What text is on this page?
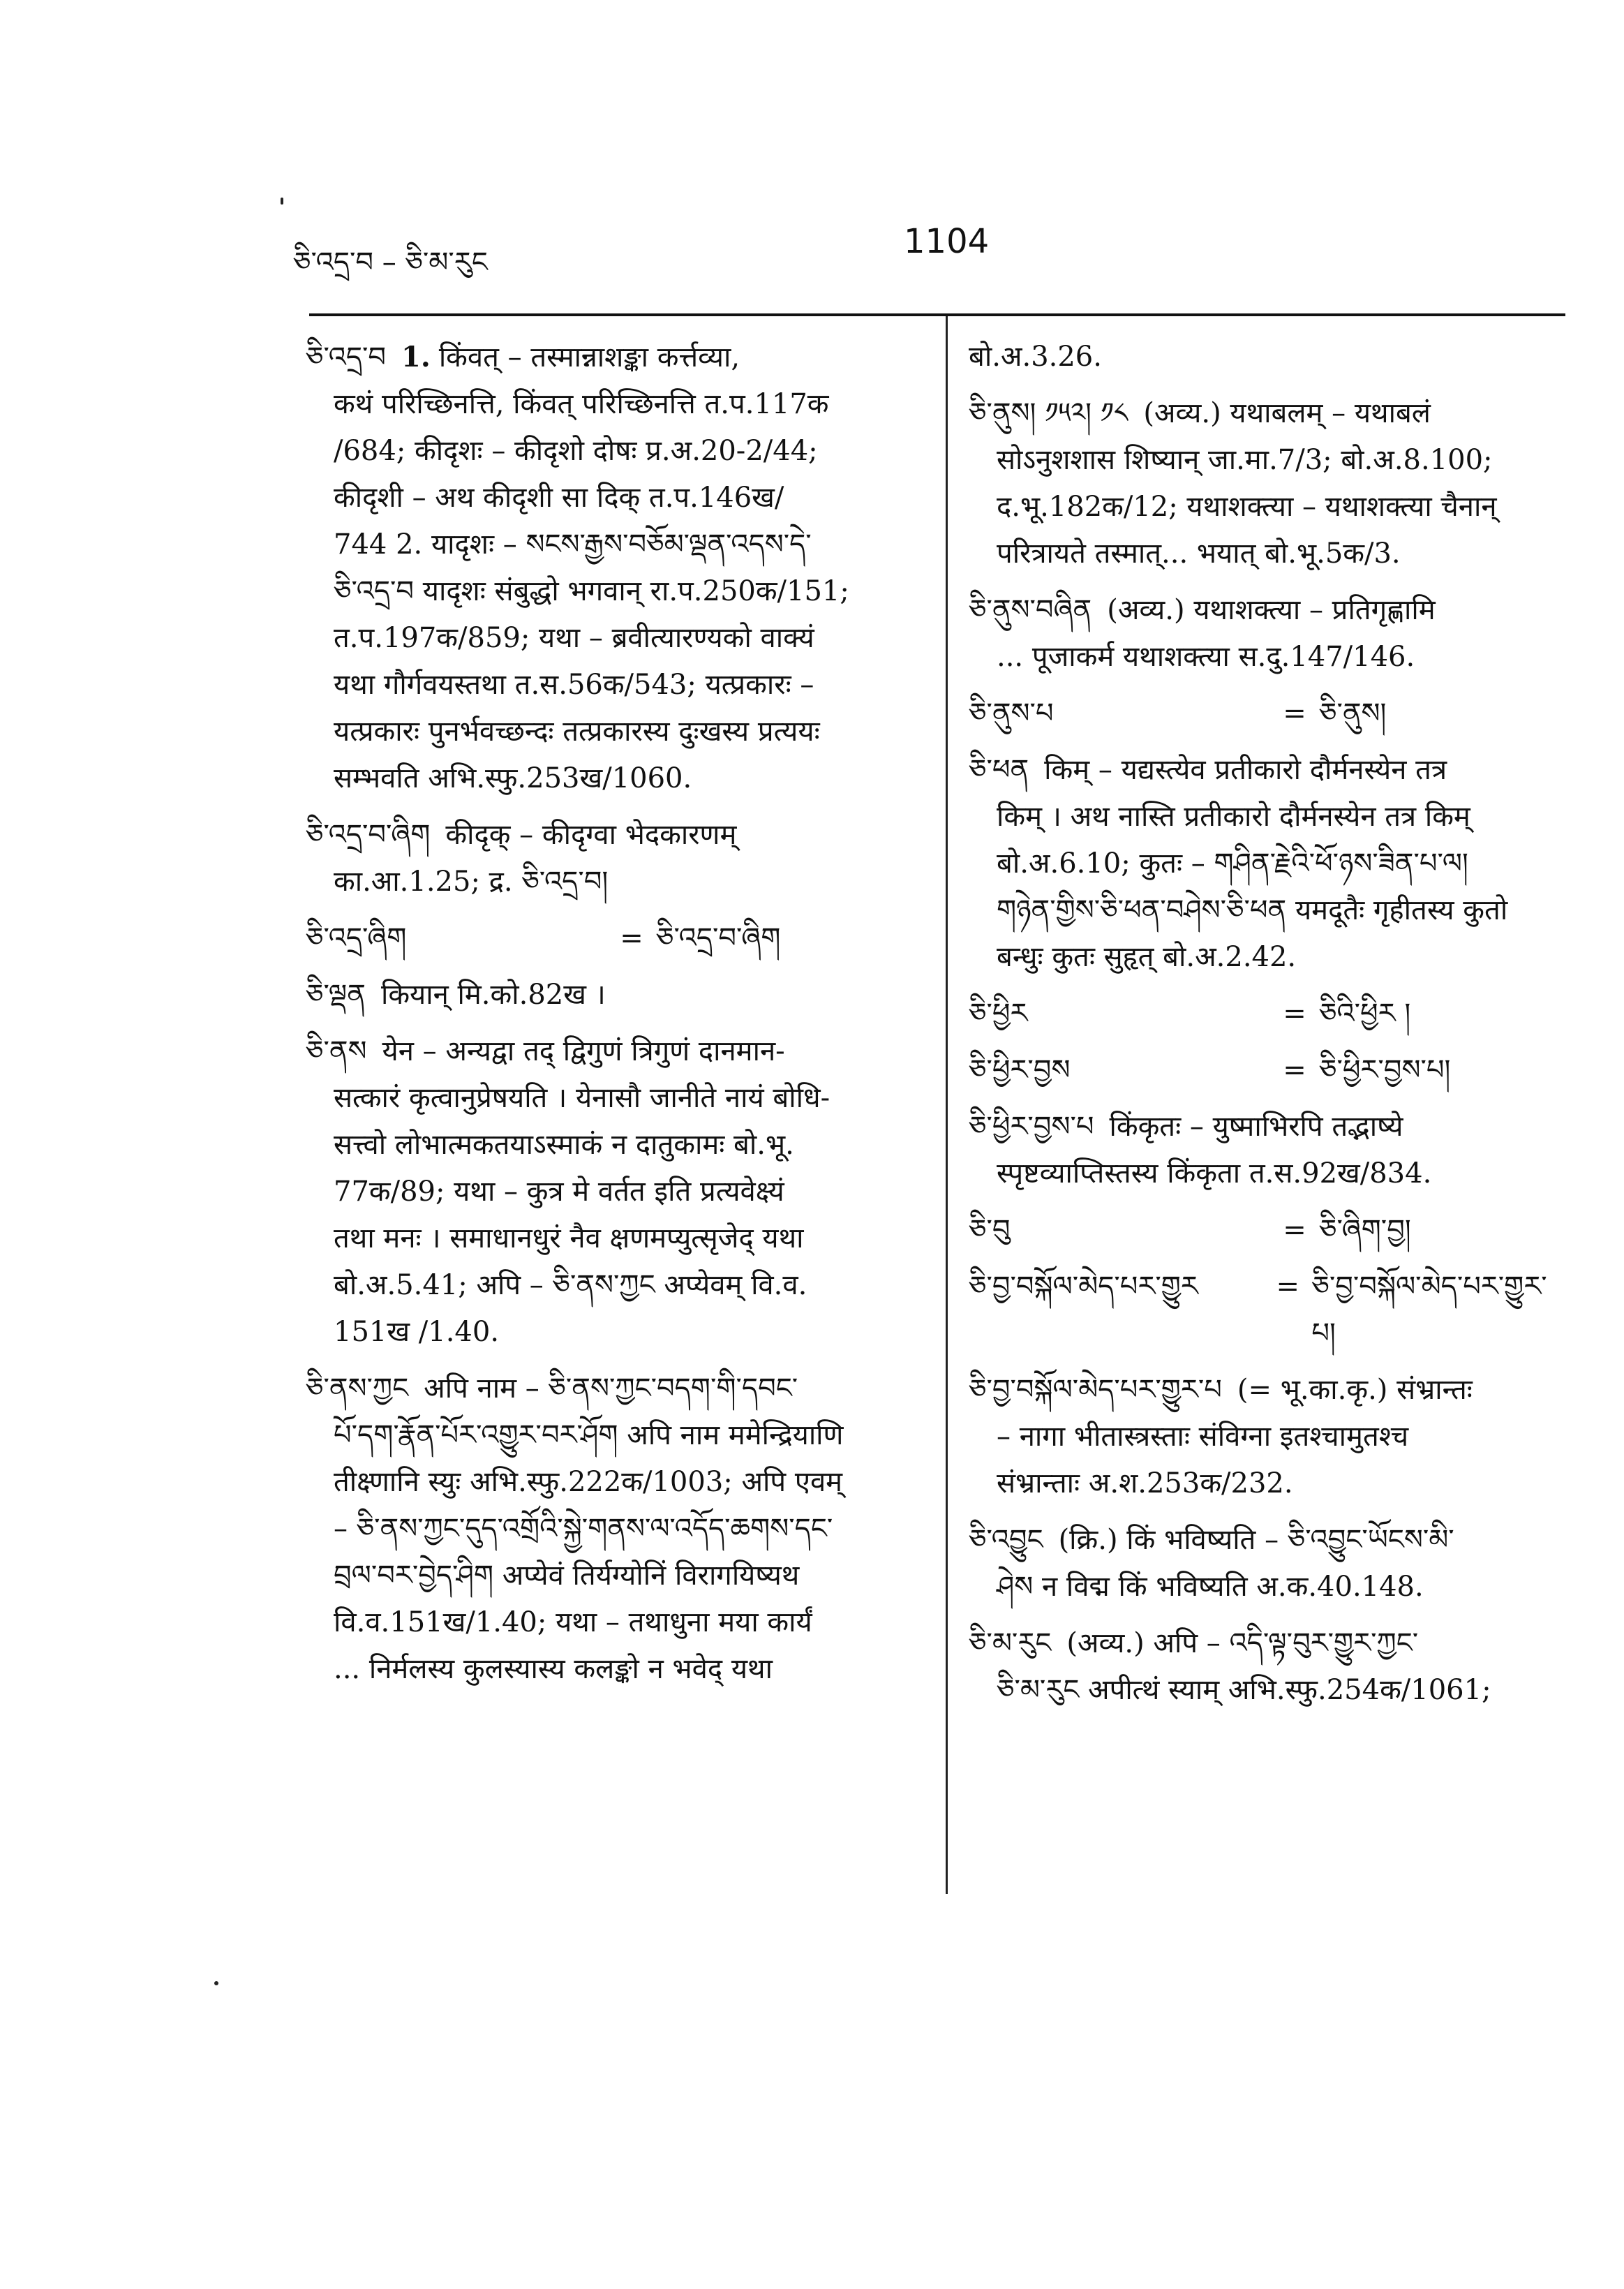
ཅི་འདྲ་བ – ཅི་མ་རུང
1104
ཅི་འདྲ་བ 1. किंवत् – तस्मान्नाशङ्का कर्त्तव्या,
कथं परिच्छिनत्ति, किंवत् परिच्छिनत्ति त.प.117क
/684; कीदृशः – कीदृशो दोषः प्र.अ.20-2/44;
कीदृशी – अथ कीदृशी सा दिक् त.प.146ख/
744 2. यादृशः – སངས་རྒྱས་བཅོམ་ལྡན་འདས་དེ་
ཅི་འདྲ་བ यादृशः संबुद्धो भगवान् रा.प.250क/151;
त.प.197क/859; यथा – ब्रवीत्यारण्यको वाक्यं
यथा गौर्गवयस्तथा त.स.56क/543; यत्प्रकारः –
यत्प्रकारः पुनर्भवच्छन्दः तत्प्रकारस्य दुःखस्य प्रत्ययः
सम्भवति अभि.स्फु.253ख/1060.
ཅི་འདྲ་བ་ཞིག कीदृक् – कीदृग्वा भेदकारणम्
का.आ.1.25; द्र. ཅི་འདྲ་བ།
ཅི་འདྲ་ཞིག	= ཅི་འདྲ་བ་ཞིག
ཅི་ལྡན कियान् मि.को.82ख ।
ཅི་ནས येन – अन्यद्वा तद् द्विगुणं त्रिगुणं दानमान-
सत्कारं कृत्वानुप्रेषयति । येनासौ जानीते नायं बोधि-
सत्त्वो लोभात्मकतयाऽस्माकं न दातुकामः बो.भू.
77क/89; यथा – कुत्र मे वर्तत इति प्रत्यवेक्ष्यं
तथा मनः । समाधानधुरं नैव क्षणमप्युत्सृजेद् यथा
बो.अ.5.41; अपि – ཅི་ནས་ཀྱང अप्येवम् वि.व.
151ख /1.40.
ཅི་ནས་ཀྱང अपि नाम – ཅི་ནས་ཀྱང་བདག་གི་དབང་
པོ་དག་རྣོན་པོར་འགྱུར་བར་ཤོག अपि नाम ममेन्द्रियाणि
तीक्ष्णानि स्युः अभि.स्फु.222क/1003; अपि एवम्
– ཅི་ནས་ཀྱང་དུད་འགྲོའི་སྐྱེ་གནས་ལ་འདོད་ཆགས་དང་
བྲལ་བར་བྱེད་ཤིག अप्येवं तिर्यग्योनिं विरागयिष्यथ
वि.व.151ख/1.40; यथा – तथाधुना मया कार्यं
... निर्मलस्य कुलस्यास्य कलङ्को न भवेद् यथा
बो.अ.3.26.
ཅི་ནུས། ༡༥༢། ༡༨ (अव्य.) यथाबलम् – यथाबलं
सोऽनुशशास शिष्यान् जा.मा.7/3; बो.अ.8.100;
द.भू.182क/12; यथाशक्त्या – यथाशक्त्या चैनान्
परित्रायते तस्मात्... भयात् बो.भू.5क/3.
ཅི་ནུས་བཞིན (अव्य.) यथाशक्त्या – प्रतिगृह्णामि
... पूजाकर्म यथाशक्त्या स.दु.147/146.
ཅི་ནུས་པ	= ཅི་ནུས།
ཅི་ཕན किम् – यद्यस्त्येव प्रतीकारो दौर्मनस्येन तत्र
किम् । अथ नास्ति प्रतीकारो दौर्मनस्येन तत्र किम्
बो.अ.6.10; कुतः – གཤིན་རྗེའི་ཕོ་ཉས་ཟིན་པ་ལ།
གཉེན་གྱིས་ཅི་ཕན་བཤེས་ཅི་ཕན यमदूतैः गृहीतस्य कुतो
बन्धुः कुतः सुहृत् बो.अ.2.42.
ཅི་ཕྱིར	= ཅིའི་ཕྱིར །
ཅི་ཕྱིར་བྱས	= ཅི་ཕྱིར་བྱས་པ།
ཅི་ཕྱིར་བྱས་པ किंकृतः – युष्माभिरपि तद्भाष्ये
स्पृष्टव्याप्तिस्तस्य किंकृता त.स.92ख/834.
ཅི་བུ	= ཅི་ཞིག་བྱ།
ཅི་བྱ་བསྐོལ་མེད་པར་གྱུར	= ཅི་བྱ་བསྐོལ་མེད་པར་གྱུར་པ།
ཅི་བྱ་བསྐོལ་མེད་པར་གྱུར་པ (= भू.का.कृ.) संभ्रान्तः
– नागा भीतास्त्रस्ताः संविग्ना इतश्चामुतश्च
संभ्रान्ताः अ.श.253क/232.
ཅི་འབྱུང (क्रि.) किं भविष्यति – ཅི་འབྱུང་ཡོངས་མི་
ཤེས न विद्म किं भविष्यति अ.क.40.148.
ཅི་མ་རུང (अव्य.) अपि – འདི་ལྟ་བུར་གྱུར་ཀྱང་
ཅི་མ་རུང अपीत्थं स्याम् अभि.स्फु.254क/1061;
